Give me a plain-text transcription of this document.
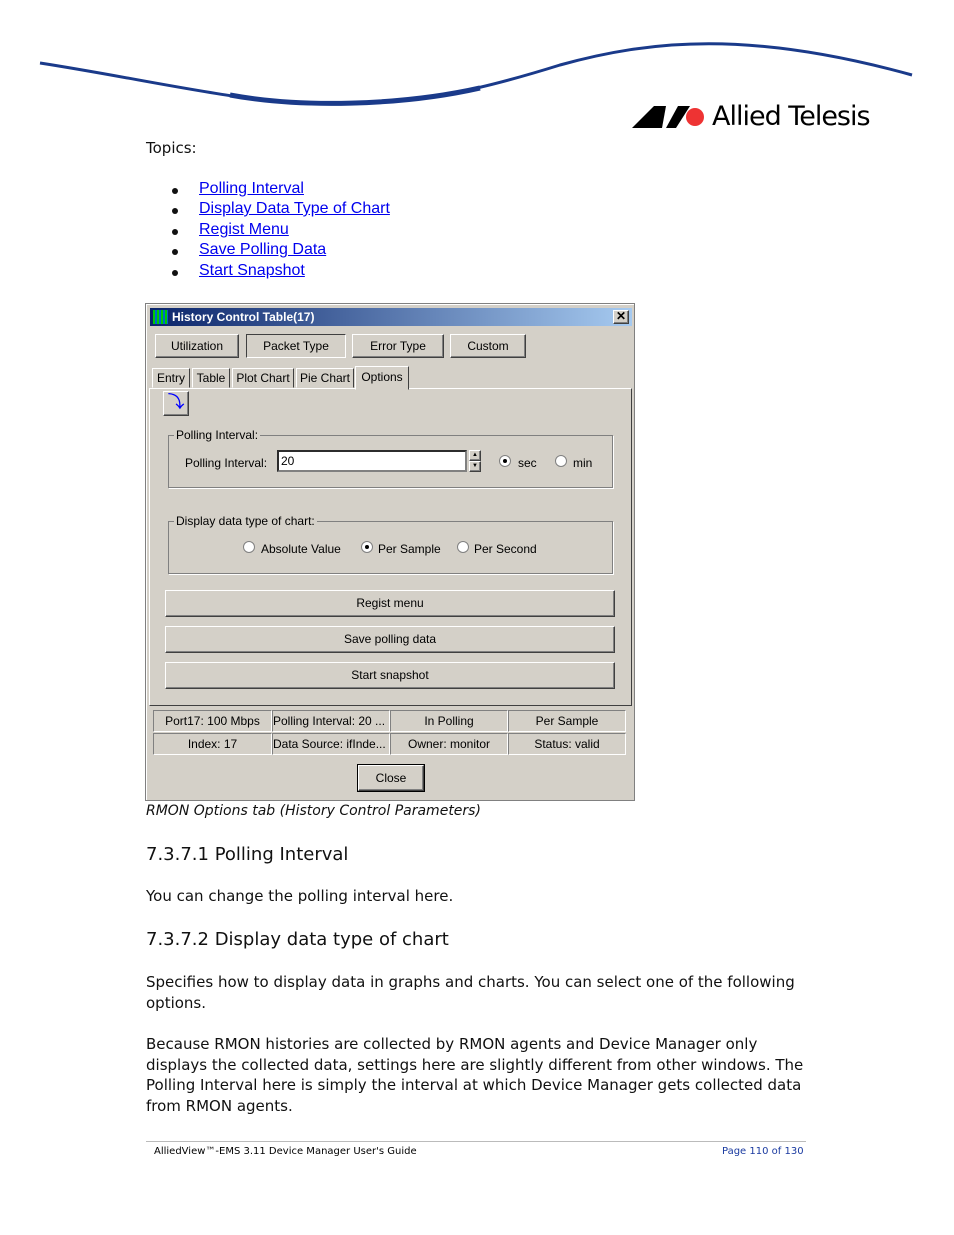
Allied Telesis
Topics:
Polling Interval
Display Data Type of Chart
Regist Menu
Save Polling Data
Start Snapshot
History Control Table(17)	✕
Utilization	Packet Type	Error Type	Custom
Entry Table Plot Chart Pie Chart Options
⤵
Polling Interval:
Polling Interval:	20	▲
▼	sec	min
Display data type of chart:
Absolute Value	Per Sample	Per Second
Regist menu
Save polling data
Start snapshot
Port17: 100 Mbps	Polling Interval: 20 ...	In Polling	Per Sample
Index: 17	Data Source: ifInde...	Owner: monitor	Status: valid
Close
RMON Options tab (History Control Parameters)
7.3.7.1 Polling Interval
You can change the polling interval here.
7.3.7.2 Display data type of chart
Specifies how to display data in graphs and charts. You can select one of the following options.
Because RMON histories are collected by RMON agents and Device Manager only displays the collected data, settings here are slightly different from other windows. The Polling Interval here is simply the interval at which Device Manager gets collected data from RMON agents.
AlliedView™-EMS 3.11 Device Manager User's Guide	Page 110 of 130
